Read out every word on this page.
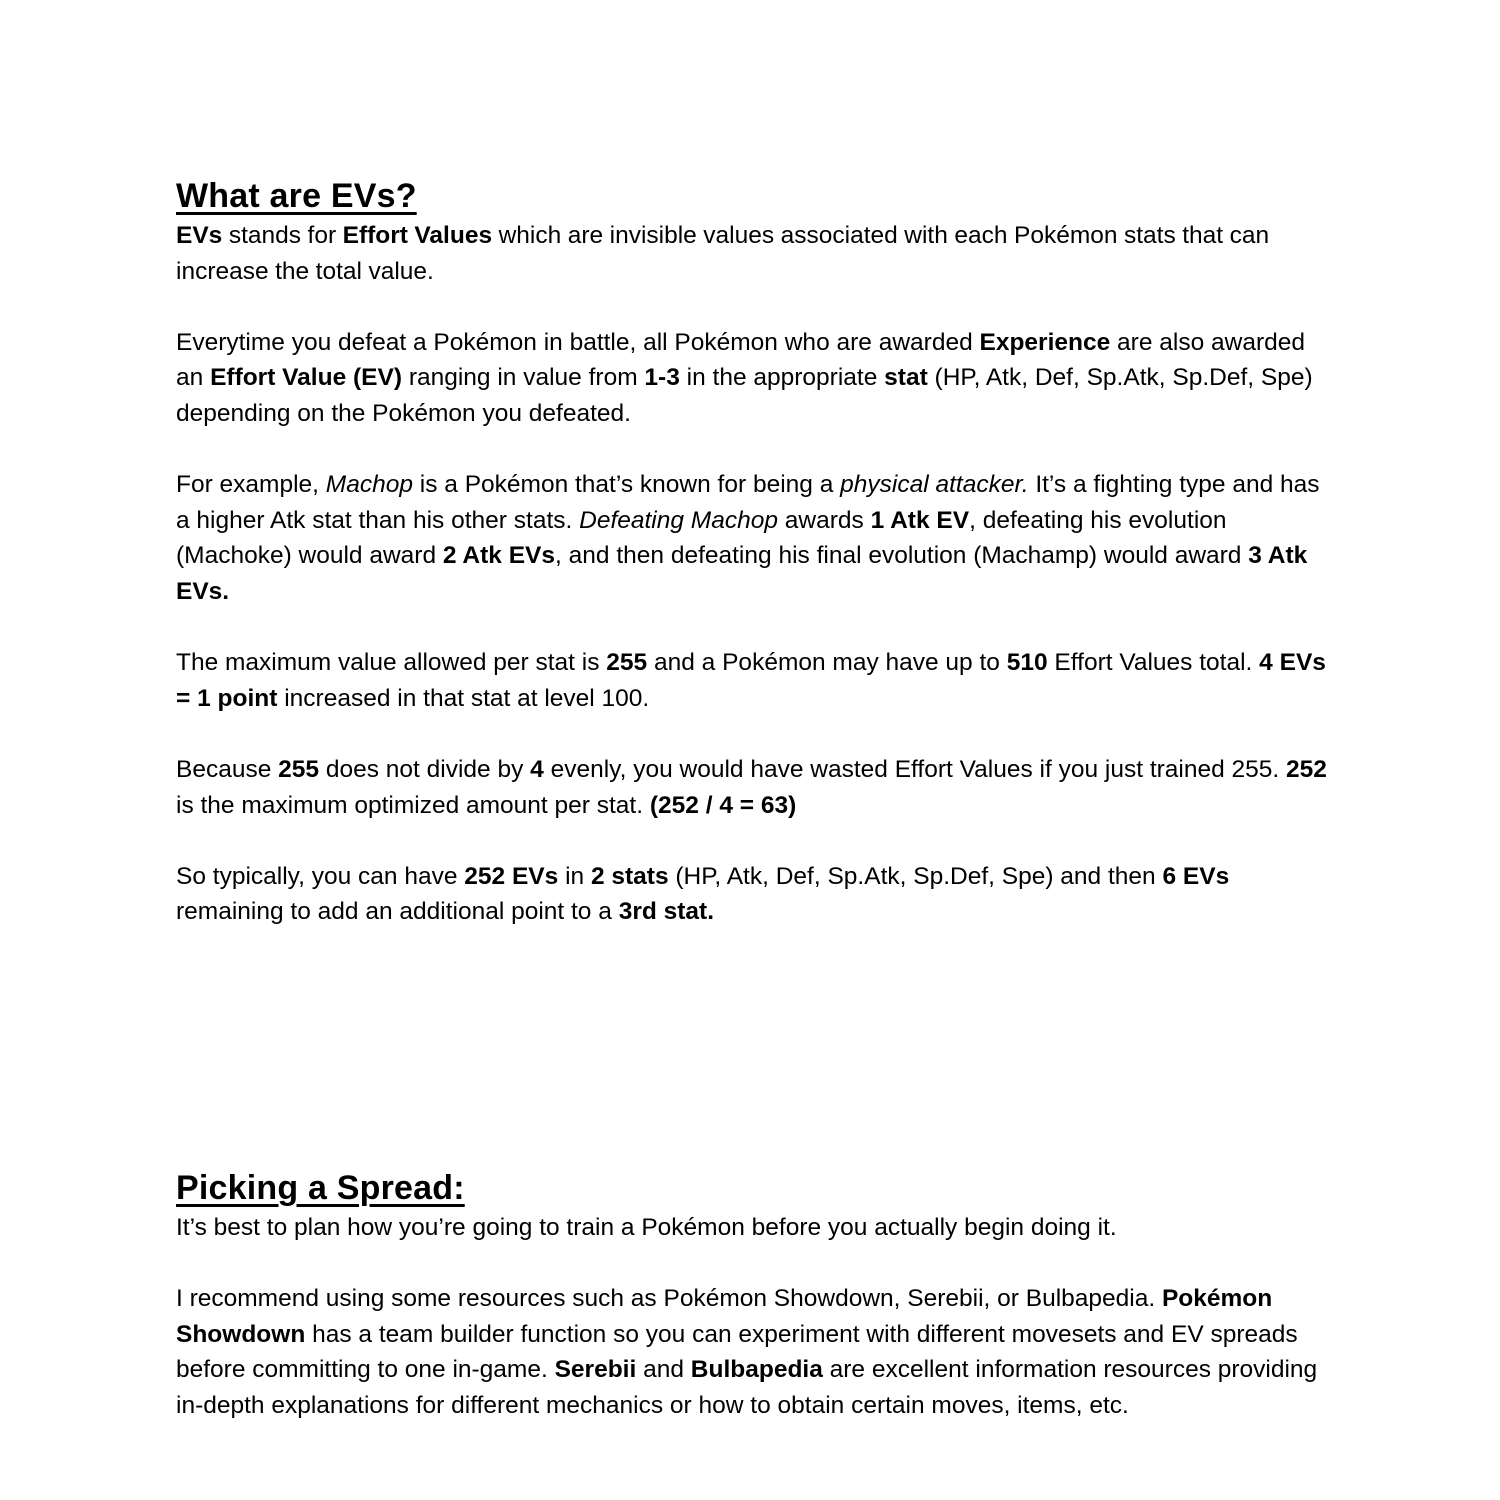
What are EVs?

EVs stands for Effort Values which are invisible values associated with each Pokémon stats that can increase the total value.

Everytime you defeat a Pokémon in battle, all Pokémon who are awarded Experience are also awarded an Effort Value (EV) ranging in value from 1-3 in the appropriate stat (HP, Atk, Def, Sp.Atk, Sp.Def, Spe) depending on the Pokémon you defeated.

For example, Machop is a Pokémon that’s known for being a physical attacker. It’s a fighting type and has a higher Atk stat than his other stats. Defeating Machop awards 1 Atk EV, defeating his evolution (Machoke) would award 2 Atk EVs, and then defeating his final evolution (Machamp) would award 3 Atk EVs.

The maximum value allowed per stat is 255 and a Pokémon may have up to 510 Effort Values total. 4 EVs = 1 point increased in that stat at level 100.

Because 255 does not divide by 4 evenly, you would have wasted Effort Values if you just trained 255. 252 is the maximum optimized amount per stat. (252 / 4 = 63)

So typically, you can have 252 EVs in 2 stats (HP, Atk, Def, Sp.Atk, Sp.Def, Spe) and then 6 EVs remaining to add an additional point to a 3rd stat.

Picking a Spread:

It’s best to plan how you’re going to train a Pokémon before you actually begin doing it.

I recommend using some resources such as Pokémon Showdown, Serebii, or Bulbapedia. Pokémon Showdown has a team builder function so you can experiment with different movesets and EV spreads before committing to one in-game. Serebii and Bulbapedia are excellent information resources providing in-depth explanations for different mechanics or how to obtain certain moves, items, etc.
